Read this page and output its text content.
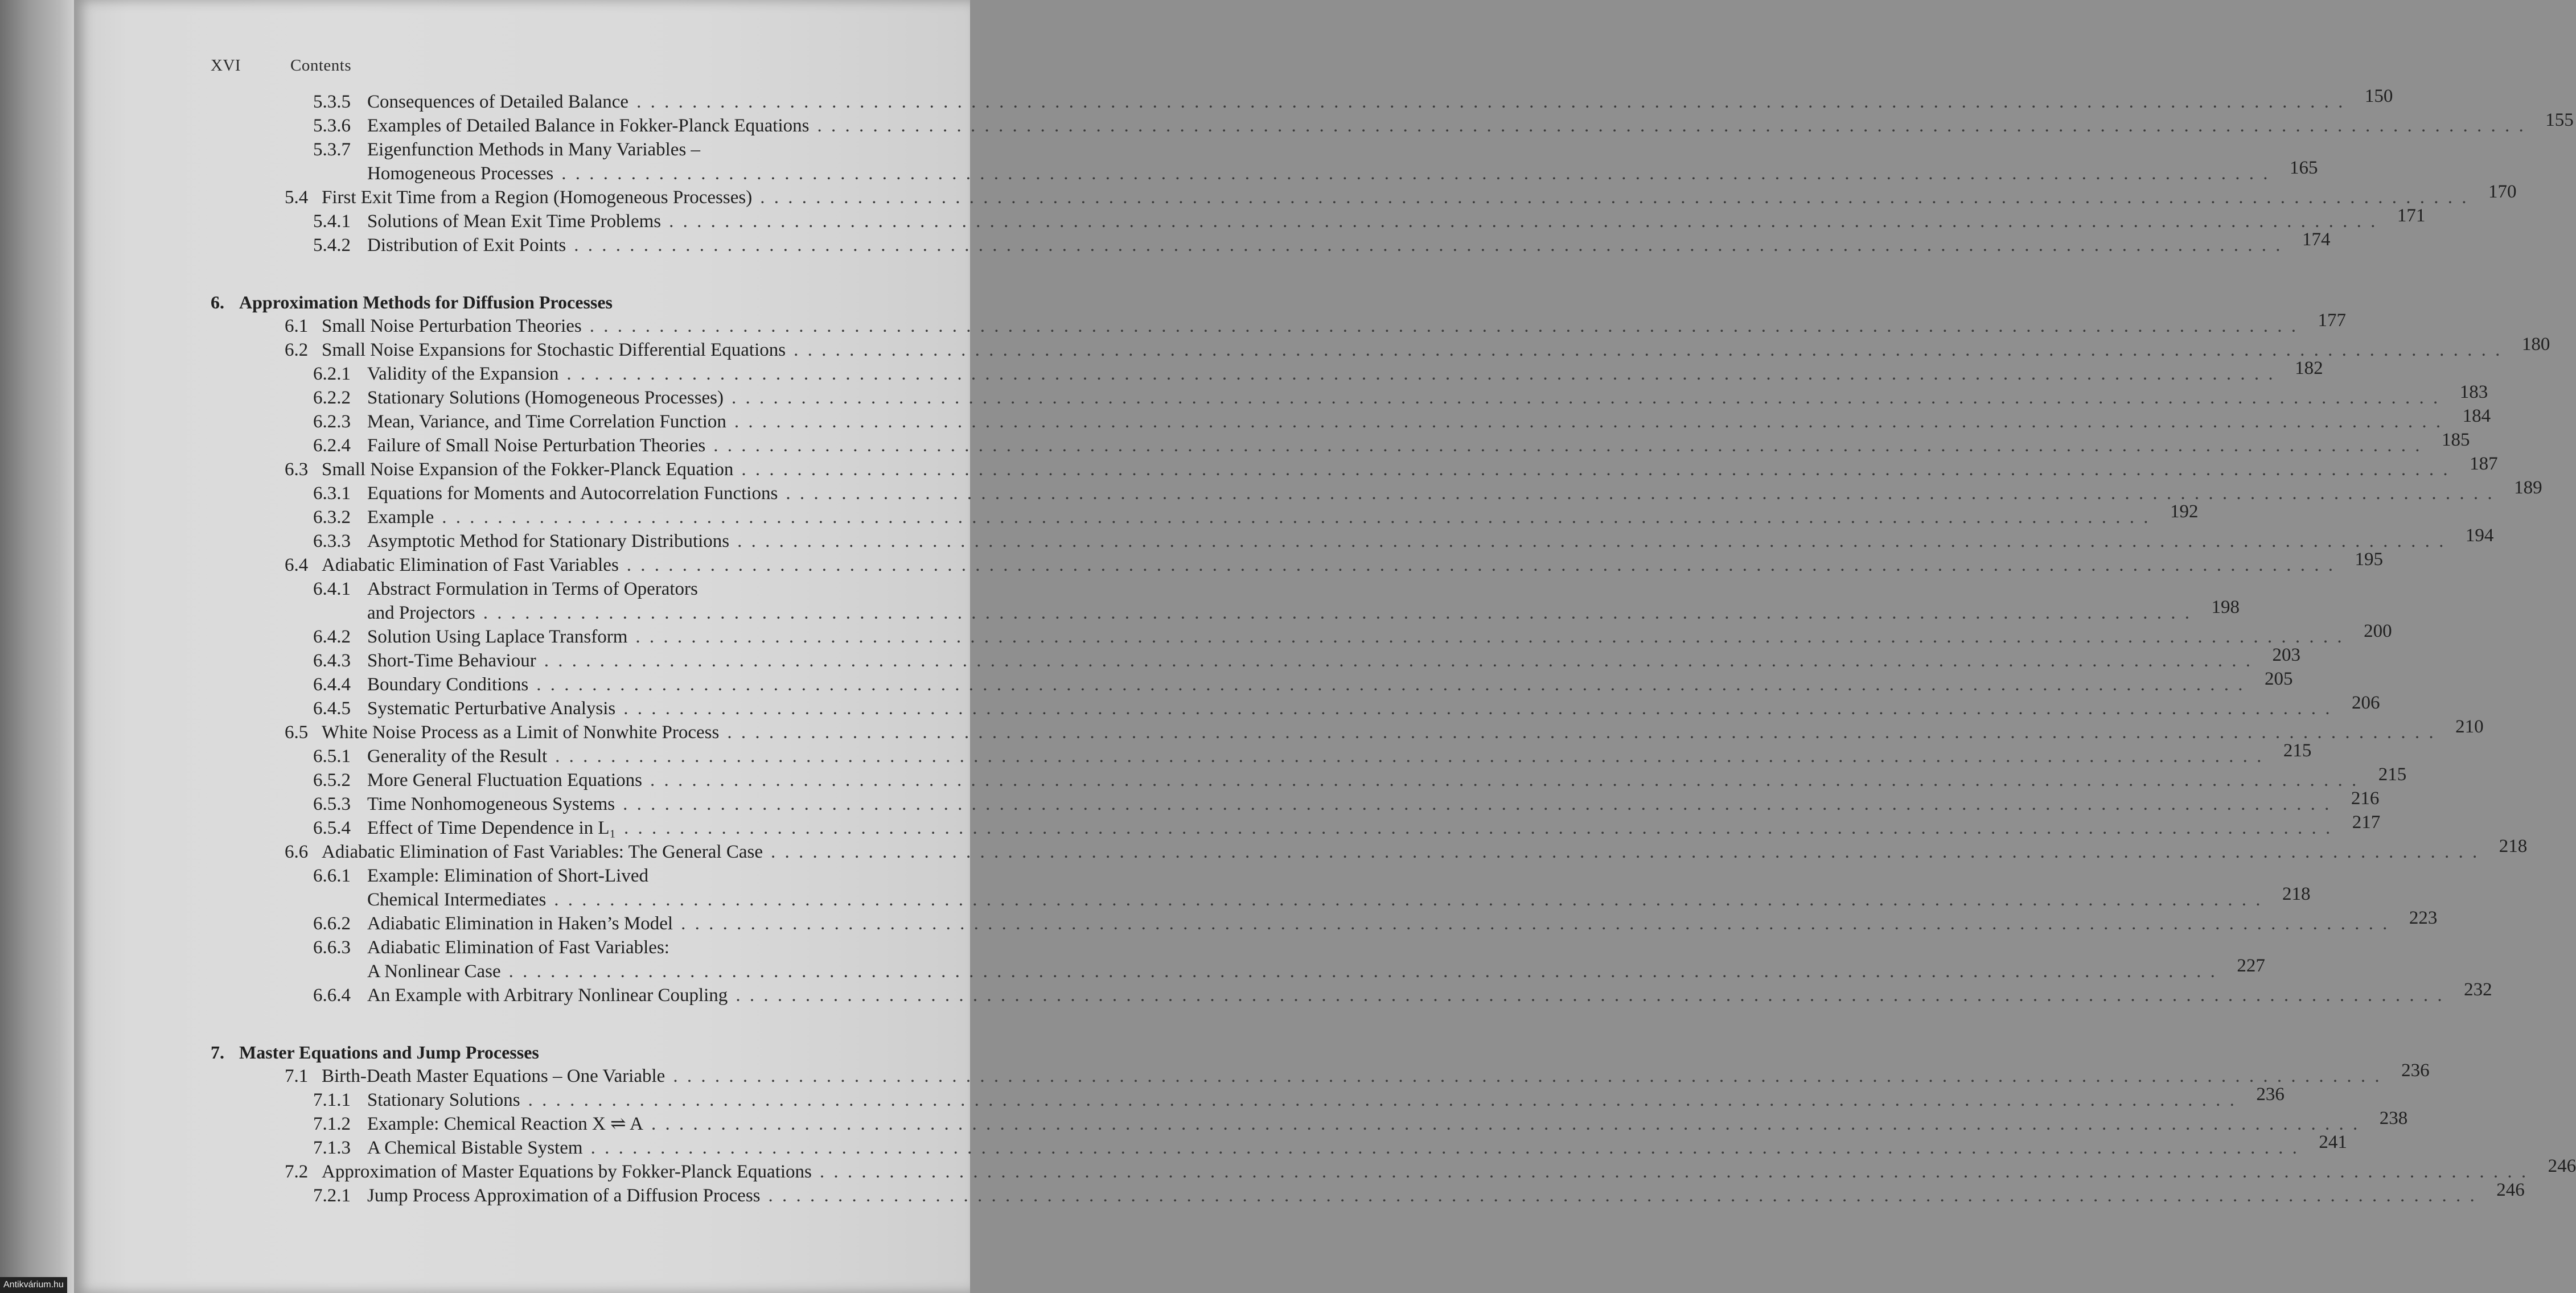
XVI	Contents
5.3.5 Consequences of Detailed Balance . . .	150
5.3.6 Examples of Detailed Balance in Fokker-Planck Equations . . .	155
5.3.7 Eigenfunction Methods in Many Variables –
Homogeneous Processes . . .	165
5.4 First Exit Time from a Region (Homogeneous Processes) . . .	170
5.4.1 Solutions of Mean Exit Time Problems . . .	171
5.4.2 Distribution of Exit Points . . .	174
6. Approximation Methods for Diffusion Processes
6.1 Small Noise Perturbation Theories . . .	177
6.2 Small Noise Expansions for Stochastic Differential Equations . . .	180
6.2.1 Validity of the Expansion . . .	182
6.2.2 Stationary Solutions (Homogeneous Processes) . . .	183
6.2.3 Mean, Variance, and Time Correlation Function . . .	184
6.2.4 Failure of Small Noise Perturbation Theories . . .	185
6.3 Small Noise Expansion of the Fokker-Planck Equation . . .	187
6.3.1 Equations for Moments and Autocorrelation Functions . . .	189
6.3.2 Example . . .	192
6.3.3 Asymptotic Method for Stationary Distributions . . .	194
6.4 Adiabatic Elimination of Fast Variables . . .	195
6.4.1 Abstract Formulation in Terms of Operators
and Projectors . . .	198
6.4.2 Solution Using Laplace Transform . . .	200
6.4.3 Short-Time Behaviour . . .	203
6.4.4 Boundary Conditions . . .	205
6.4.5 Systematic Perturbative Analysis . . .	206
6.5 White Noise Process as a Limit of Nonwhite Process . . .	210
6.5.1 Generality of the Result . . .	215
6.5.2 More General Fluctuation Equations . . .	215
6.5.3 Time Nonhomogeneous Systems . . .	216
6.5.4 Effect of Time Dependence in L₁ . . .	217
6.6 Adiabatic Elimination of Fast Variables: The General Case . . .	218
6.6.1 Example: Elimination of Short-Lived
Chemical Intermediates . . .	218
6.6.2 Adiabatic Elimination in Haken’s Model . . .	223
6.6.3 Adiabatic Elimination of Fast Variables:
A Nonlinear Case . . .	227
6.6.4 An Example with Arbitrary Nonlinear Coupling . . .	232
7. Master Equations and Jump Processes
7.1 Birth-Death Master Equations – One Variable . . .	236
7.1.1 Stationary Solutions . . .	236
7.1.2 Example: Chemical Reaction X ⇌ A . . .	238
7.1.3 A Chemical Bistable System . . .	241
7.2 Approximation of Master Equations by Fokker-Planck Equations . . .	246
7.2.1 Jump Process Approximation of a Diffusion Process . . .	246
Antikvárium.hu
